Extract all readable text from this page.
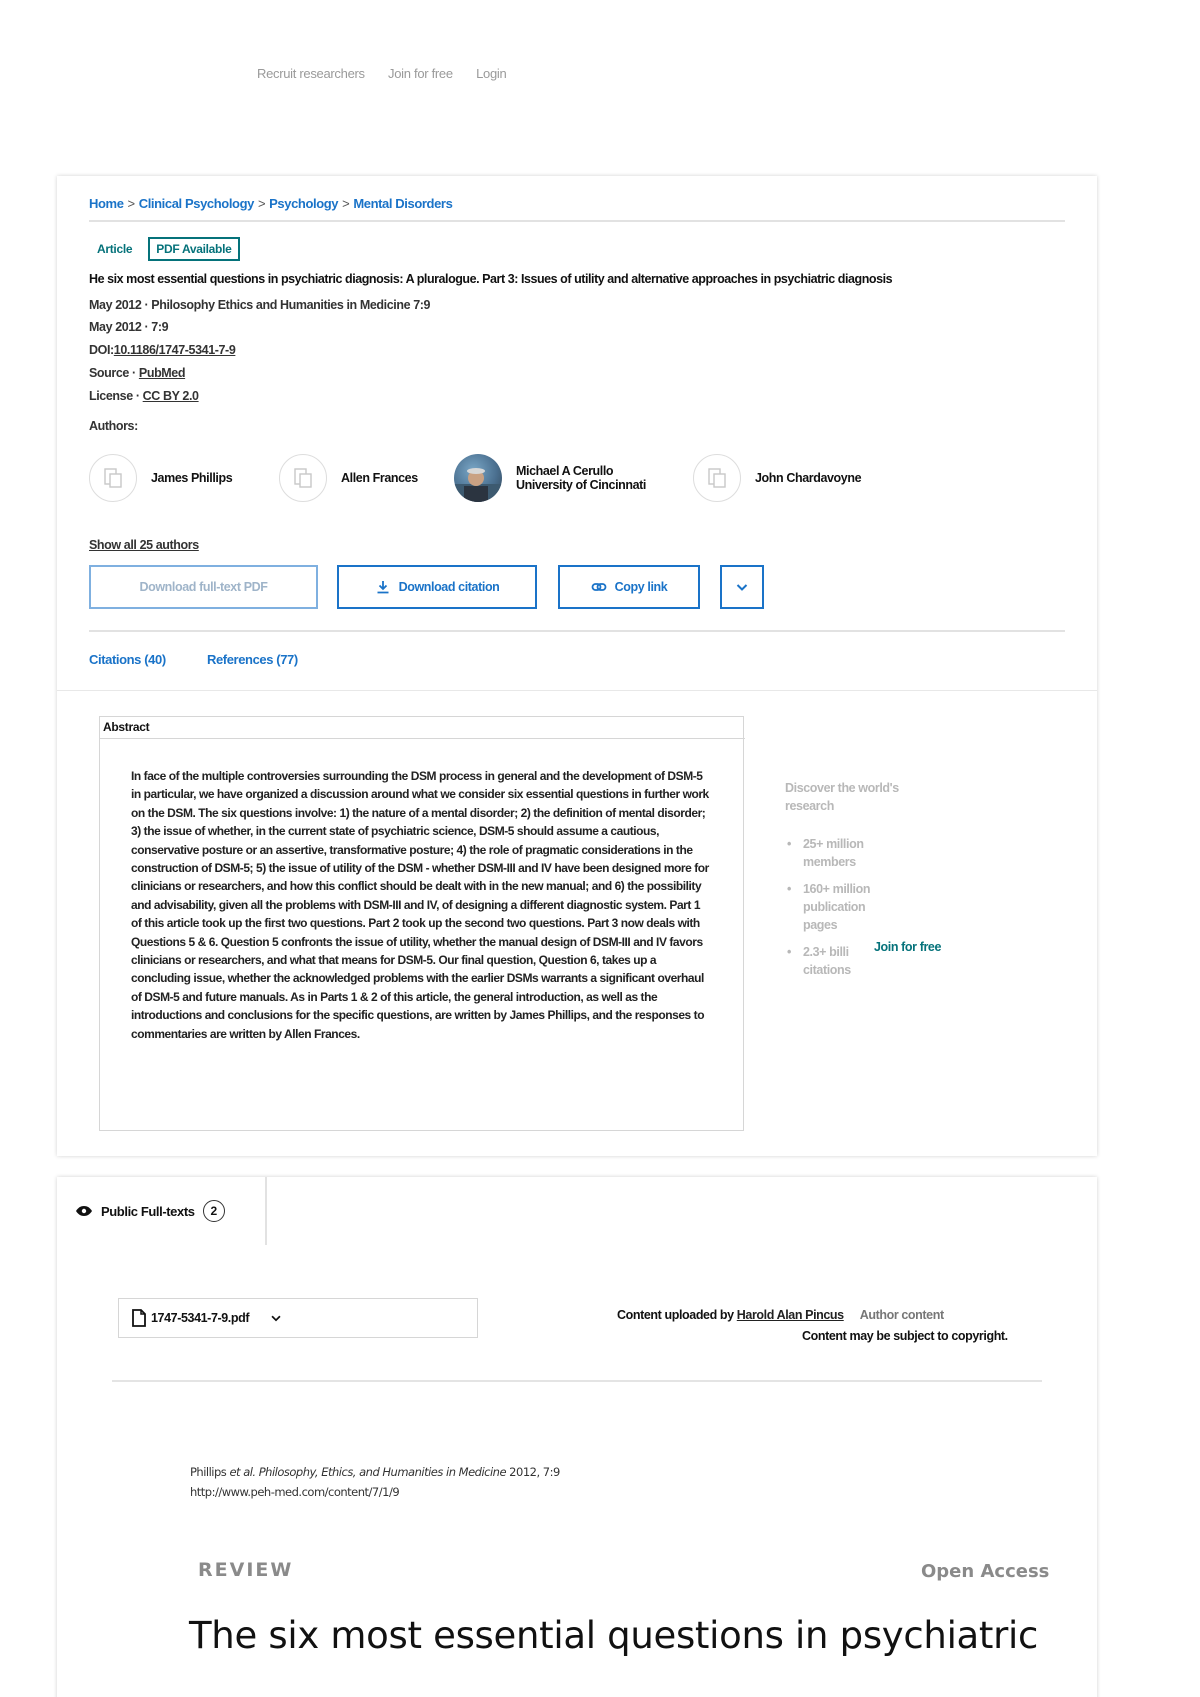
Recruit researchers Join for free Login
Home > Clinical Psychology > Psychology > Mental Disorders
Article	PDF Available
He six most essential questions in psychiatric diagnosis: A pluralogue. Part 3: Issues of utility and alternative approaches in psychiatric diagnosis
May 2012 · Philosophy Ethics and Humanities in Medicine 7:9
May 2012 · 7:9
DOI:10.1186/1747-5341-7-9
Source · PubMed
License · CC BY 2.0
Authors:
James Phillips	Allen Frances	Michael A Cerullo
University of Cincinnati	John Chardavoyne
Show all 25 authors
Download full-text PDF	Download citation	Copy link
Citations (40)	References (77)
Abstract
In face of the multiple controversies surrounding the DSM process in general and the development of DSM-5 in particular, we have organized a discussion around what we consider six essential questions in further work on the DSM. The six questions involve: 1) the nature of a mental disorder; 2) the definition of mental disorder; 3) the issue of whether, in the current state of psychiatric science, DSM-5 should assume a cautious, conservative posture or an assertive, transformative posture; 4) the role of pragmatic considerations in the construction of DSM-5; 5) the issue of utility of the DSM - whether DSM-III and IV have been designed more for clinicians or researchers, and how this conflict should be dealt with in the new manual; and 6) the possibility and advisability, given all the problems with DSM-III and IV, of designing a different diagnostic system. Part 1 of this article took up the first two questions. Part 2 took up the second two questions. Part 3 now deals with Questions 5 & 6. Question 5 confronts the issue of utility, whether the manual design of DSM-III and IV favors clinicians or researchers, and what that means for DSM-5. Our final question, Question 6, takes up a concluding issue, whether the acknowledged problems with the earlier DSMs warrants a significant overhaul of DSM-5 and future manuals. As in Parts 1 & 2 of this article, the general introduction, as well as the introductions and conclusions for the specific questions, are written by James Phillips, and the responses to commentaries are written by Allen Frances.
Discover the world's research
• 25+ million members
• 160+ million publication pages
• 2.3+ billi citations
Join for free
Public Full-texts	2
1747-5341-7-9.pdf	Content uploaded by Harold Alan Pincus Author content
Content may be subject to copyright.
Phillips et al. Philosophy, Ethics, and Humanities in Medicine 2012, 7:9
http://www.peh-med.com/content/7/1/9
REVIEW	Open Access
The six most essential questions in psychiatric
